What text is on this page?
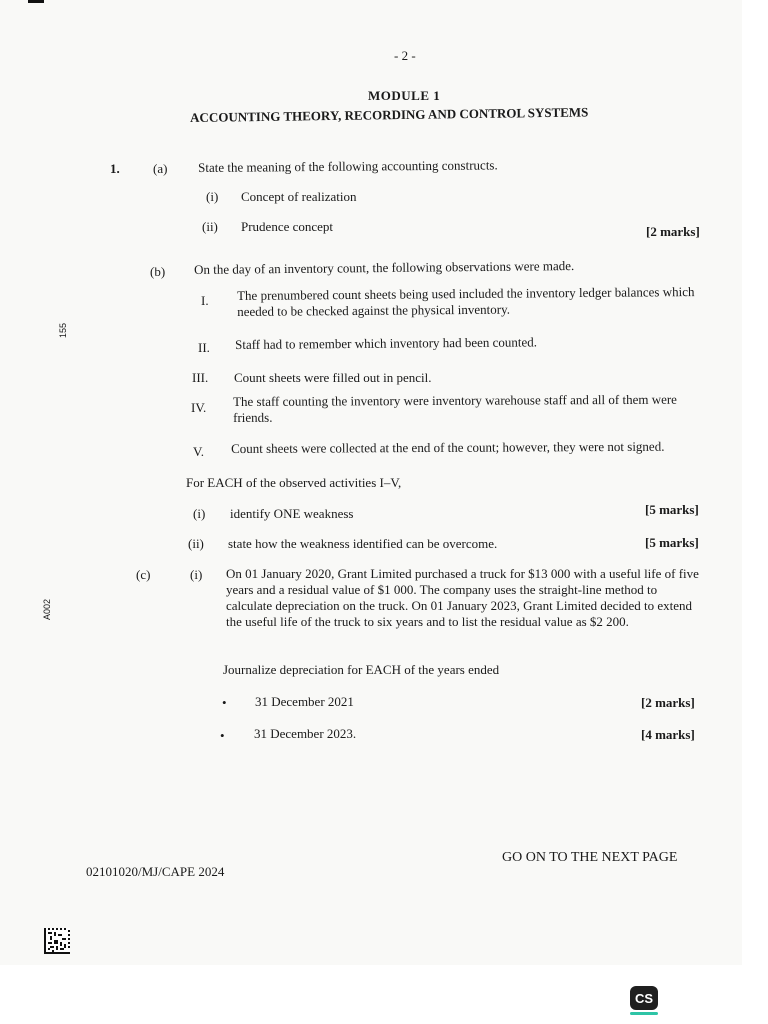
- 2 -
MODULE 1
ACCOUNTING THEORY, RECORDING AND CONTROL SYSTEMS
155
A002
1.	(a) State the meaning of the following accounting constructs.
(i) Concept of realization
(ii) Prudence concept	[2 marks]
(b) On the day of an inventory count, the following observations were made.
I. The prenumbered count sheets being used included the inventory ledger balances which needed to be checked against the physical inventory.
II. Staff had to remember which inventory had been counted.
III. Count sheets were filled out in pencil.
IV. The staff counting the inventory were inventory warehouse staff and all of them were friends.
V. Count sheets were collected at the end of the count; however, they were not signed.
For EACH of the observed activities I–V,
(i) identify ONE weakness	[5 marks]
(ii) state how the weakness identified can be overcome.	[5 marks]
(c)	(i) On 01 January 2020, Grant Limited purchased a truck for $13 000 with a useful life of five years and a residual value of $1 000. The company uses the straight-line method to calculate depreciation on the truck. On 01 January 2023, Grant Limited decided to extend the useful life of the truck to six years and to list the residual value as $2 200.
Journalize depreciation for EACH of the years ended
• 31 December 2021	[2 marks]
• 31 December 2023.	[4 marks]
GO ON TO THE NEXT PAGE
02101020/MJ/CAPE 2024
CS
